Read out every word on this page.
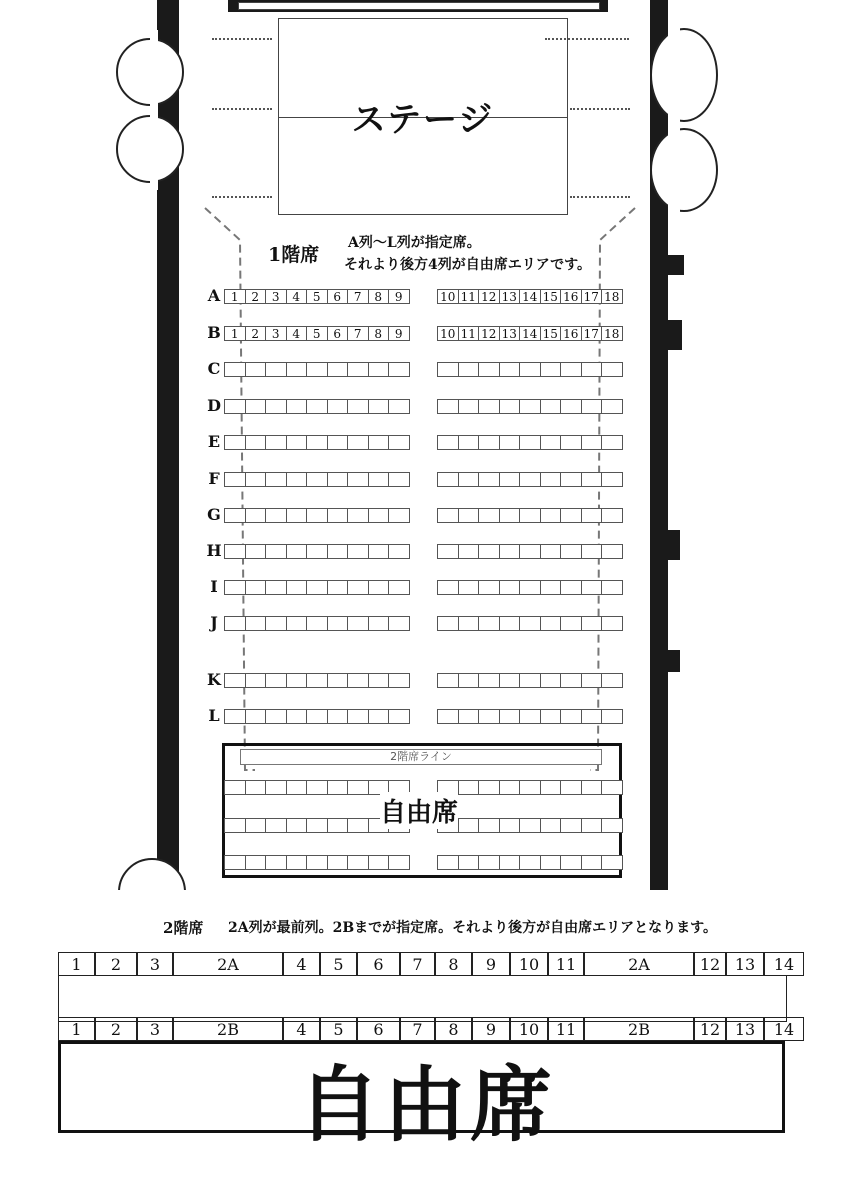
ステージ
1階席
A列～L列が指定席。
それより後方4列が自由席エリアです。
A 1	2	3	4	5	6	7	8	9	10 11 12 13 14 15 16 17 18
B 1	2	3	4	5	6	7	8	9	10 11 12 13 14 15 16 17 18
C
D
E
F
G
H
I
J
K
L
2階席ライン
自由席
2階席 2A列が最前列。2Bまでが指定席。それより後方が自由席エリアとなります。
1	2	3	2A	4	5	6	7	8	9	10	11	2A	12 13	14
1	2	3	2B	4	5	6	7	8	9	10	11	2B	12 13	14
自由席
